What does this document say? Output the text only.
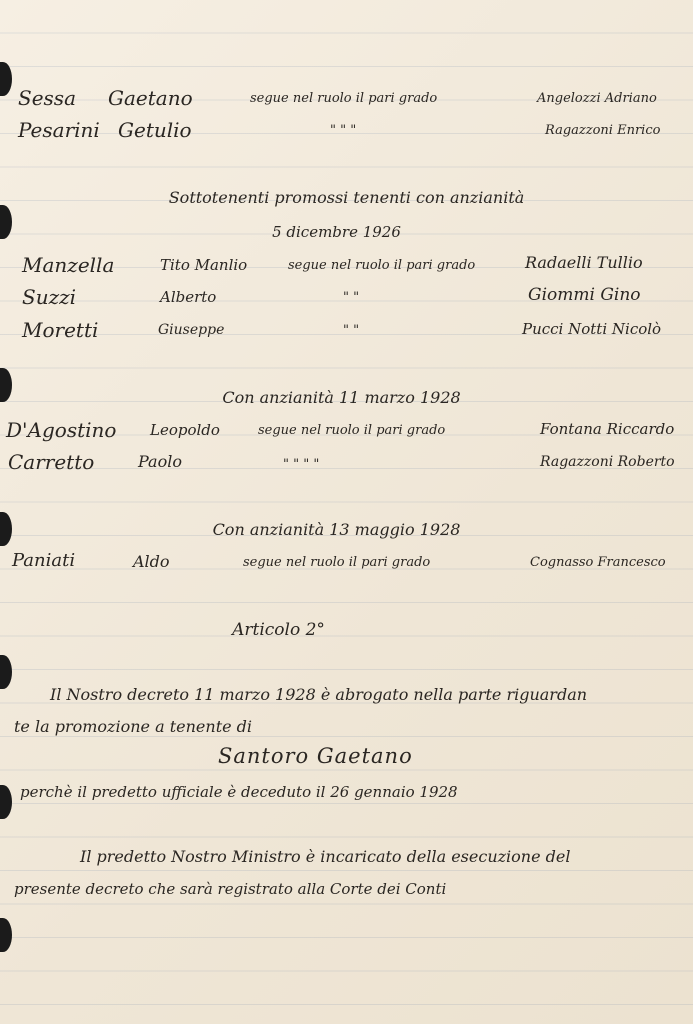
Sessa Gaetano	segue nel ruolo il pari grado	Angelozzi Adriano
Pesarini Getulio	" " "	Ragazzoni Enrico
Sottotenenti promossi tenenti con anzianità
5 dicembre 1926
Manzella	Tito Manlio	segue nel ruolo il pari grado	Radaelli Tullio
Suzzi	Alberto	" "	Giommi Gino
Moretti	Giuseppe	" "	Pucci Notti Nicolò
Con anzianità 11 marzo 1928
D'Agostino Leopoldo	segue nel ruolo il pari grado	Fontana Riccardo
Carretto	Paolo	" " " "	Ragazzoni Roberto
Con anzianità 13 maggio 1928
Paniati	Aldo	segue nel ruolo il pari grado	Cognasso Francesco
Articolo 2°
Il Nostro decreto 11 marzo 1928 è abrogato nella parte riguardan
te la promozione a tenente di
Santoro Gaetano
perchè il predetto ufficiale è deceduto il 26 gennaio 1928
Il predetto Nostro Ministro è incaricato della esecuzione del
presente decreto che sarà registrato alla Corte dei Conti
